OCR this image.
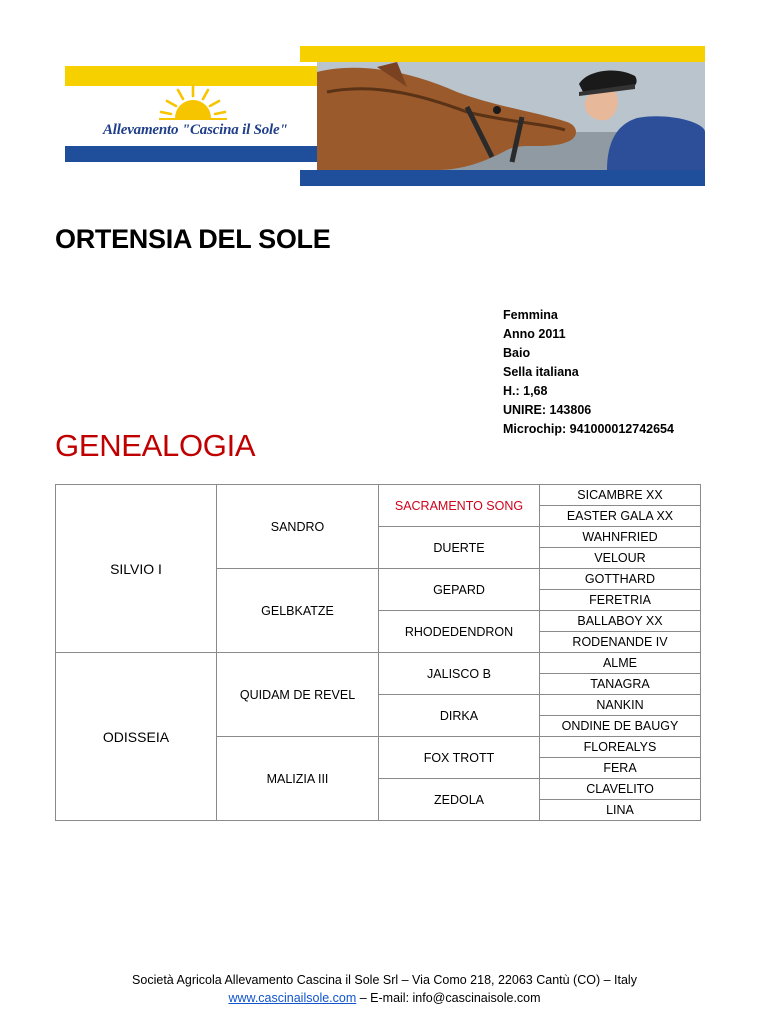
Allevamento "Cascina il Sole"
ORTENSIA DEL SOLE
Femmina
Anno 2011
Baio
Sella italiana
H.: 1,68
UNIRE: 143806
Microchip: 941000012742654
GENEALOGIA
SILVIO I	SANDRO	SACRAMENTO SONG	SICAMBRE XX
			EASTER GALA XX
		DUERTE	WAHNFRIED
			VELOUR
	GELBKATZE	GEPARD	GOTTHARD
			FERETRIA
		RHODEDENDRON	BALLABOY XX
			RODENANDE IV
ODISSEIA	QUIDAM DE REVEL	JALISCO B	ALME
			TANAGRA
		DIRKA	NANKIN
			ONDINE DE BAUGY
	MALIZIA III	FOX TROTT	FLOREALYS
			FERA
		ZEDOLA	CLAVELITO
			LINA
Società Agricola Allevamento Cascina il Sole Srl – Via Como 218, 22063 Cantù (CO) – Italy
www.cascinailsole.com – E-mail: info@cascinaisole.com
